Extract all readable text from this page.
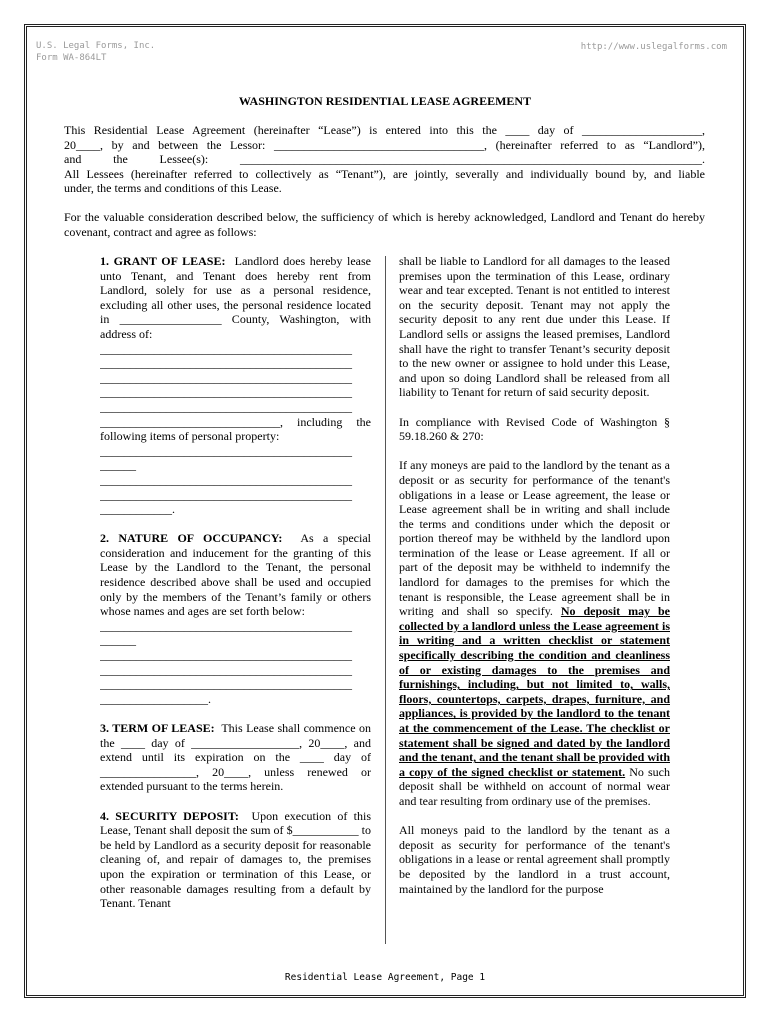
U.S. Legal Forms, Inc.
Form WA-864LT
http://www.uslegalforms.com
WASHINGTON RESIDENTIAL LEASE AGREEMENT

This Residential Lease Agreement (hereinafter “Lease”) is entered into this the ____ day of ____________________,

20____, by and between the Lessor: ___________________________________, (hereinafter referred to as “Landlord”),

and the Lessee(s): _____________________________________________________________________________.

All Lessees (hereinafter referred to collectively as “Tenant”), are jointly, severally and individually bound by, and liable

under, the terms and conditions of this Lease.

For the valuable consideration described below, the sufficiency of which is hereby acknowledged, Landlord and Tenant do hereby covenant, contract and agree as follows:

1. GRANT OF LEASE: Landlord does hereby lease unto Tenant, and Tenant does hereby rent from Landlord, solely for use as a personal residence, excluding all other uses, the personal residence located in _________________ County, Washington, with address of:

__________________________________________
__________________________________________
__________________________________________
__________________________________________
__________________________________________
______________________________, including the
following items of personal property:
__________________________________________
______
__________________________________________
__________________________________________
____________.

2. NATURE OF OCCUPANCY: As a special consideration and inducement for the granting of this Lease by the Landlord to the Tenant, the personal residence described above shall be used and occupied only by the members of the Tenant’s family or others whose names and ages are set forth below:

__________________________________________
______
__________________________________________
__________________________________________
__________________________________________
__________________.

3. TERM OF LEASE: This Lease shall commence on the ____ day of __________________, 20____, and extend until its expiration on the ____ day of ________________, 20____, unless renewed or extended pursuant to the terms herein.

4. SECURITY DEPOSIT: Upon execution of this Lease, Tenant shall deposit the sum of $___________ to be held by Landlord as a security deposit for reasonable cleaning of, and repair of damages to, the premises upon the expiration or termination of this Lease, or other reasonable damages resulting from a default by Tenant. Tenant

shall be liable to Landlord for all damages to the leased premises upon the termination of this Lease, ordinary wear and tear excepted. Tenant is not entitled to interest on the security deposit. Tenant may not apply the security deposit to any rent due under this Lease. If Landlord sells or assigns the leased premises, Landlord shall have the right to transfer Tenant’s security deposit to the new owner or assignee to hold under this Lease, and upon so doing Landlord shall be released from all liability to Tenant for return of said security deposit.

In compliance with Revised Code of Washington § 59.18.260 & 270:

If any moneys are paid to the landlord by the tenant as a deposit or as security for performance of the tenant's obligations in a lease or Lease agreement, the lease or Lease agreement shall be in writing and shall include the terms and conditions under which the deposit or portion thereof may be withheld by the landlord upon termination of the lease or Lease agreement. If all or part of the deposit may be withheld to indemnify the landlord for damages to the premises for which the tenant is responsible, the Lease agreement shall be in writing and shall so specify. No deposit may be collected by a landlord unless the Lease agreement is in writing and a written checklist or statement specifically describing the condition and cleanliness of or existing damages to the premises and furnishings, including, but not limited to, walls, floors, countertops, carpets, drapes, furniture, and appliances, is provided by the landlord to the tenant at the commencement of the Lease. The checklist or statement shall be signed and dated by the landlord and the tenant, and the tenant shall be provided with a copy of the signed checklist or statement. No such deposit shall be withheld on account of normal wear and tear resulting from ordinary use of the premises.

All moneys paid to the landlord by the tenant as a deposit as security for performance of the tenant's obligations in a lease or rental agreement shall promptly be deposited by the landlord in a trust account, maintained by the landlord for the purpose

Residential Lease Agreement, Page 1
